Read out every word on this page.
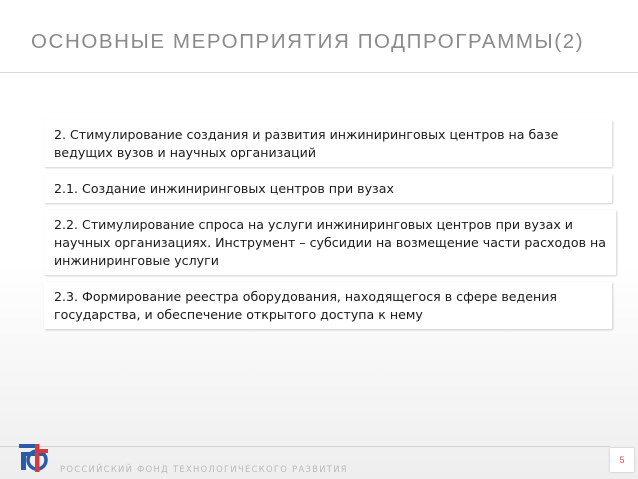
ОСНОВНЫЕ МЕРОПРИЯТИЯ ПОДПРОГРАММЫ(2)
2. Стимулирование создания и развития инжиниринговых центров на базе ведущих вузов и научных организаций
2.1. Создание инжиниринговых центров при вузах
2.2. Стимулирование спроса на услуги инжиниринговых центров при вузах и научных организациях. Инструмент – субсидии на возмещение части расходов на инжиниринговые услуги
2.3. Формирование реестра оборудования, находящегося в сфере ведения государства, и обеспечение открытого доступа к нему
РОССИЙСКИЙ ФОНД ТЕХНОЛОГИЧЕСКОГО РАЗВИТИЯ
5
